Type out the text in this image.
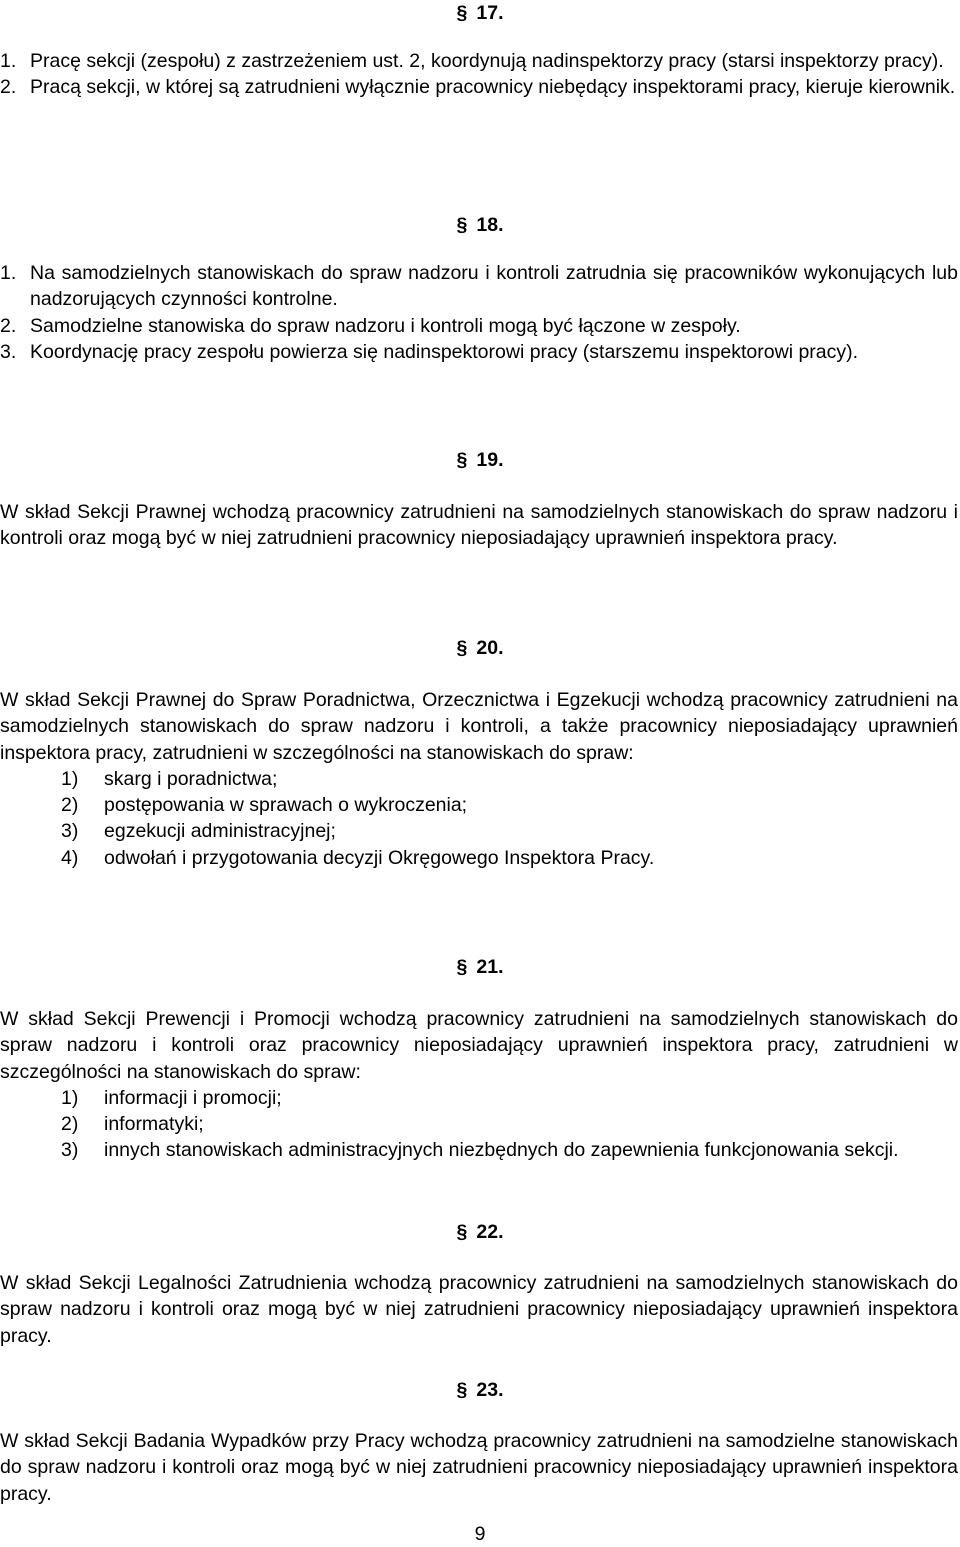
§ 17.
1. Pracę sekcji (zespołu) z zastrzeżeniem ust. 2, koordynują nadinspektorzy pracy (starsi inspektorzy pracy).
2. Pracą sekcji, w której są zatrudnieni wyłącznie pracownicy niebędący inspektorami pracy, kieruje kierownik.
§ 18.
1. Na samodzielnych stanowiskach do spraw nadzoru i kontroli zatrudnia się pracowników wykonujących lub nadzorujących czynności kontrolne.
2. Samodzielne stanowiska do spraw nadzoru i kontroli mogą być łączone w zespoły.
3. Koordynację pracy zespołu powierza się nadinspektorowi pracy (starszemu inspektorowi pracy).
§ 19.

W skład Sekcji Prawnej wchodzą pracownicy zatrudnieni na samodzielnych stanowiskach do spraw nadzoru i kontroli oraz mogą być w niej zatrudnieni pracownicy nieposiadający uprawnień inspektora pracy.

§ 20.

W skład Sekcji Prawnej do Spraw Poradnictwa, Orzecznictwa i Egzekucji wchodzą pracownicy zatrudnieni na samodzielnych stanowiskach do spraw nadzoru i kontroli, a także pracownicy nieposiadający uprawnień inspektora pracy, zatrudnieni w szczególności na stanowiskach do spraw:

1)	skarg i poradnictwa;
2)	postępowania w sprawach o wykroczenia;
3)	egzekucji administracyjnej;
4)	odwołań i przygotowania decyzji Okręgowego Inspektora Pracy.
§ 21.

W skład Sekcji Prewencji i Promocji wchodzą pracownicy zatrudnieni na samodzielnych stanowiskach do spraw nadzoru i kontroli oraz pracownicy nieposiadający uprawnień inspektora pracy, zatrudnieni w szczególności na stanowiskach do spraw:

1)	informacji i promocji;
2)	informatyki;
3)	innych stanowiskach administracyjnych niezbędnych do zapewnienia funkcjonowania sekcji.
§ 22.

W skład Sekcji Legalności Zatrudnienia wchodzą pracownicy zatrudnieni na samodzielnych stanowiskach do spraw nadzoru i kontroli oraz mogą być w niej zatrudnieni pracownicy nieposiadający uprawnień inspektora pracy.

§ 23.

W skład Sekcji Badania Wypadków przy Pracy wchodzą pracownicy zatrudnieni na samodzielne stanowiskach do spraw nadzoru i kontroli oraz mogą być w niej zatrudnieni pracownicy nieposiadający uprawnień inspektora pracy.

9
